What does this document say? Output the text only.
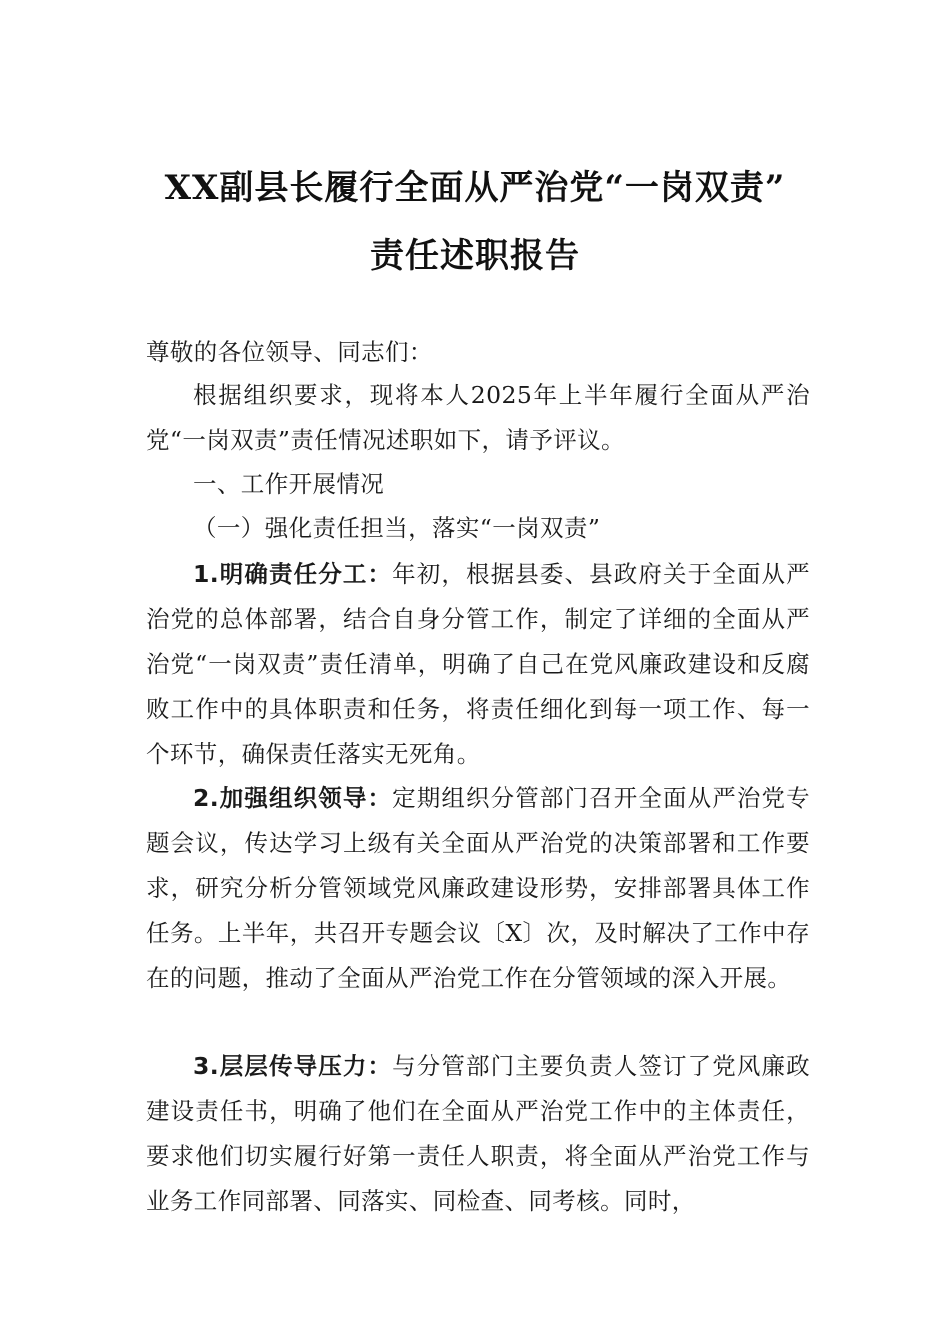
XX副县长履行全面从严治党“一岗双责”
责任述职报告

尊敬的各位领导、同志们：

根据组织要求，现将本人2025年上半年履行全面从严治党“一岗双责”责任情况述职如下，请予评议。

一、工作开展情况

（一）强化责任担当，落实“一岗双责”

1.明确责任分工：年初，根据县委、县政府关于全面从严治党的总体部署，结合自身分管工作，制定了详细的全面从严治党“一岗双责”责任清单，明确了自己在党风廉政建设和反腐败工作中的具体职责和任务，将责任细化到每一项工作、每一个环节，确保责任落实无死角。

2.加强组织领导：定期组织分管部门召开全面从严治党专题会议，传达学习上级有关全面从严治党的决策部署和工作要求，研究分析分管领域党风廉政建设形势，安排部署具体工作任务。上半年，共召开专题会议〔X〕次，及时解决了工作中存在的问题，推动了全面从严治党工作在分管领域的深入开展。

3.层层传导压力：与分管部门主要负责人签订了党风廉政建设责任书，明确了他们在全面从严治党工作中的主体责任，要求他们切实履行好第一责任人职责，将全面从严治党工作与业务工作同部署、同落实、同检查、同考核。同时，
